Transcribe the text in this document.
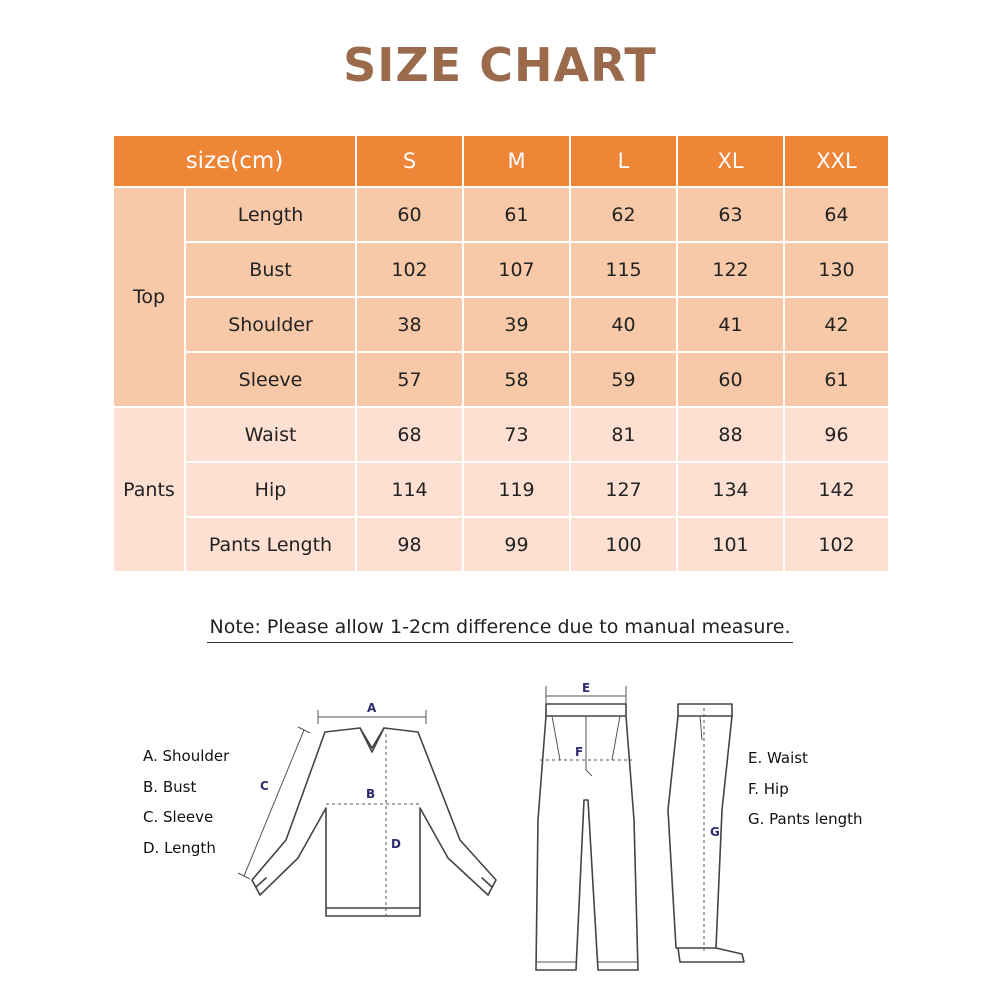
SIZE CHART
size(cm)		S	M	L	XL	XXL
Top	Length	60	61	62	63	64
	Bust	102	107	115	122	130
	Shoulder	38	39	40	41	42
	Sleeve	57	58	59	60	61
Pants	Waist	68	73	81	88	96
	Hip	114	119	127	134	142
	Pants Length	98	99	100	101	102
Note: Please allow 1-2cm difference due to manual measure.
A. Shoulder
B. Bust
C. Sleeve
D. Length
E. Waist
F. Hip
G. Pants length
A
C
B
D
E
F
G
